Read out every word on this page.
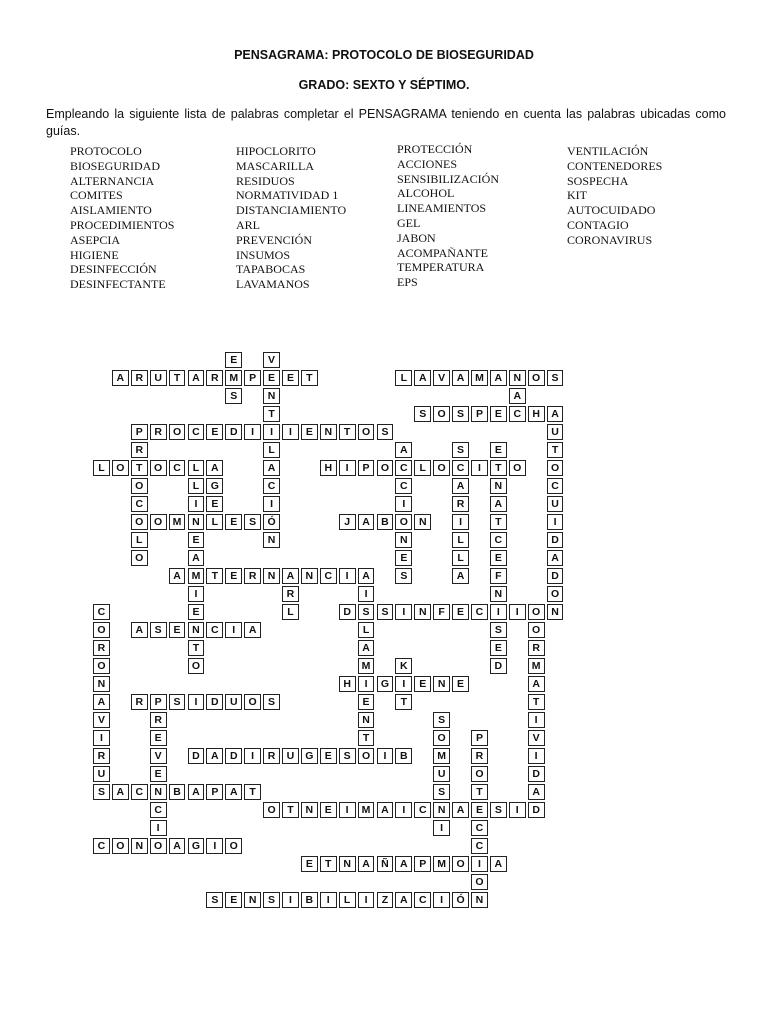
PENSAGRAMA: PROTOCOLO DE BIOSEGURIDAD
GRADO: SEXTO Y SÉPTIMO.
Empleando la siguiente lista de palabras completar el PENSAGRAMA teniendo en cuenta las palabras ubicadas como guías.
PROTOCOLO
BIOSEGURIDAD
ALTERNANCIA
COMITES
AISLAMIENTO
PROCEDIMIENTOS
ASEPCIA
HIGIENE
DESINFECCIÓN
DESINFECTANTE
HIPOCLORITO
MASCARILLA
RESIDUOS
NORMATIVIDAD 1
DISTANCIAMIENTO
ARL
PREVENCIÓN
INSUMOS
TAPABOCAS
LAVAMANOS
PROTECCIÓN
ACCIONES
SENSIBILIZACIÓN
ALCOHOL
LINEAMIENTOS
GEL
JABON
ACOMPAÑANTE
TEMPERATURA
EPS
VENTILACIÓN
CONTENEDORES
SOSPECHA
KIT
AUTOCUIDADO
CONTAGIO
CORONAVIRUS
A	R	U	T	A	R	M	P	E	E	T	L	A	V	A	M	A	N	O	S
A
S	O	S	P	E	C	H	A
P	R	O	C	E	D	I	I	I	E	N	T	O	S
L	O	T	O	C	L	A	H	I	P	O	C	L	O	C	I	T	O
O	O M	N	L	E	S	J	A	B	O	N
A	M	T	E	R	N	A	N	C	I	A
D	S	S	I	N	F	E	C	I	I	O	N
A	S	E	N	C	I	A
H	I	G	I	E	N	E
R	P	S	I	D	U	O	S
D	A	D	I	R	U	G	E	S	O	I	B
S	A	C	N	B	A	P	A	T
O	T	N	E	I	M	A	I	C	N	A	E	S	I	D
C	O	N	O	A	G	I	O
E	T	N	A	Ñ	A	P	M O	I	A
S	E	N	S	I	B	I	L	I	Z	A	C	I	Ó	N
E
S
V
N
T
L
A
C
I
Ó
N
R
O
C
L
O
A
C
I
N
E
S
S
A
R
I
L
L
A
E
N
A
T
C
E
F
N
S
E
D
U
T
O
C
U
I
D
A
D
O
L
I
E
A
I
E
T
O
G
E
R
L
I
L
A
M
E
N
T
C
O
R
O
N
A
V
I
R
U
O
R
M
A
T
I
V
I
D
A
K
T
R
E
V
E
C
I
S
O
M
U
S
I
P
R
O
T
C
C
O
